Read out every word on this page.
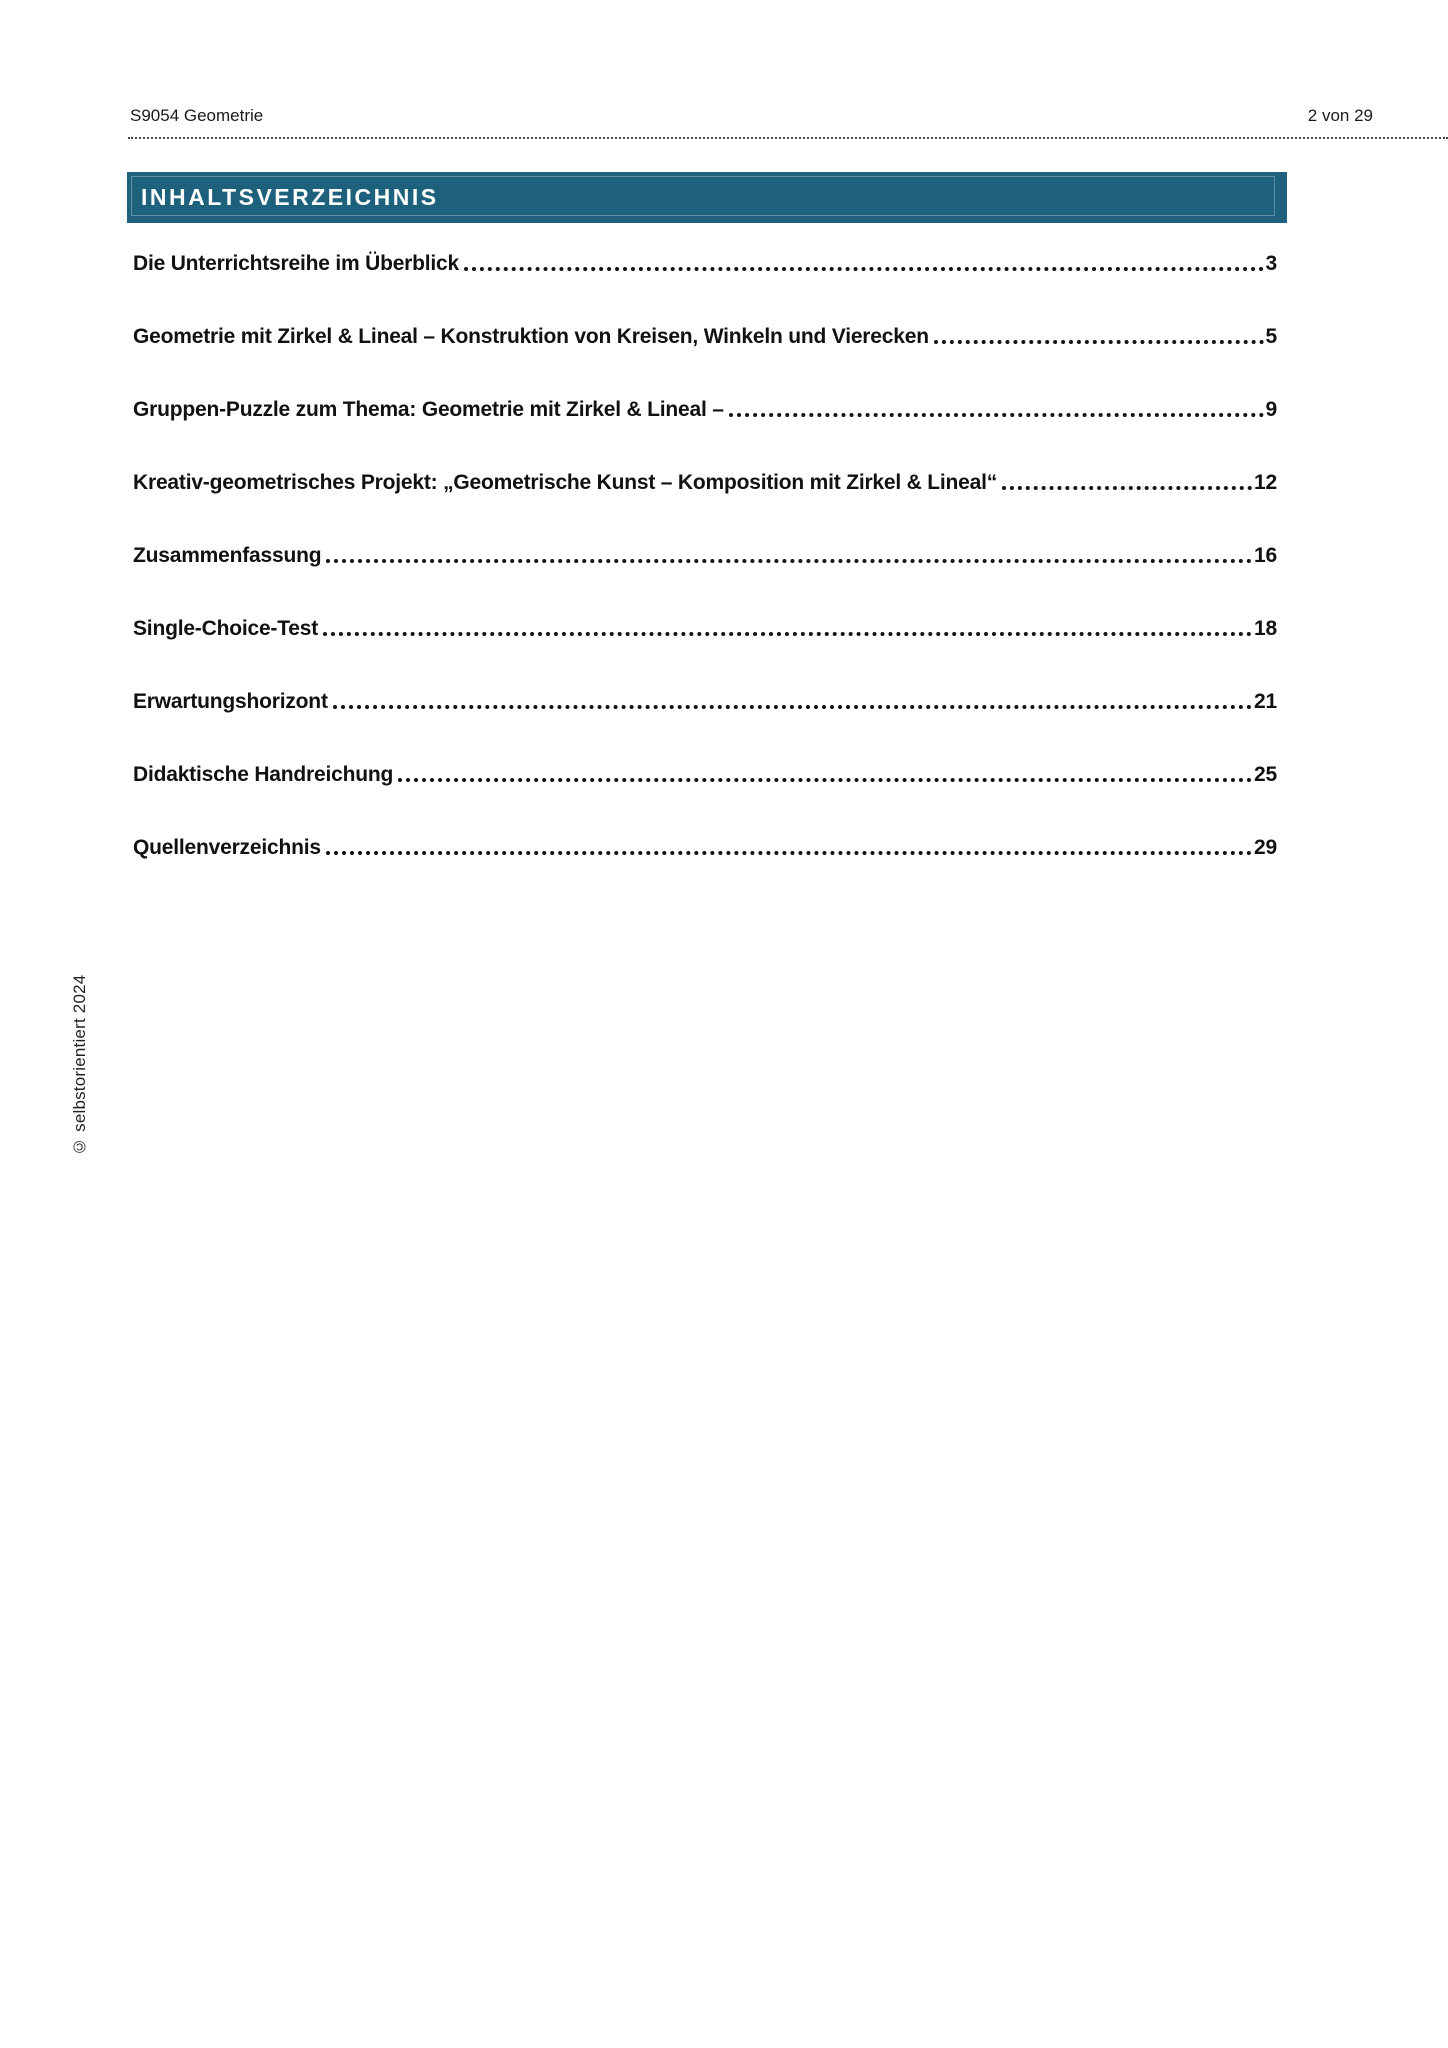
S9054 Geometrie	2 von 29
INHALTSVERZEICHNIS
Die Unterrichtsreihe im Überblick	3
Geometrie mit Zirkel & Lineal – Konstruktion von Kreisen, Winkeln und Vierecken	5
Gruppen-Puzzle zum Thema: Geometrie mit Zirkel & Lineal –	9
Kreativ-geometrisches Projekt: „Geometrische Kunst – Komposition mit Zirkel & Lineal“	12
Zusammenfassung	16
Single-Choice-Test	18
Erwartungshorizont	21
Didaktische Handreichung	25
Quellenverzeichnis	29
© selbstorientiert 2024
